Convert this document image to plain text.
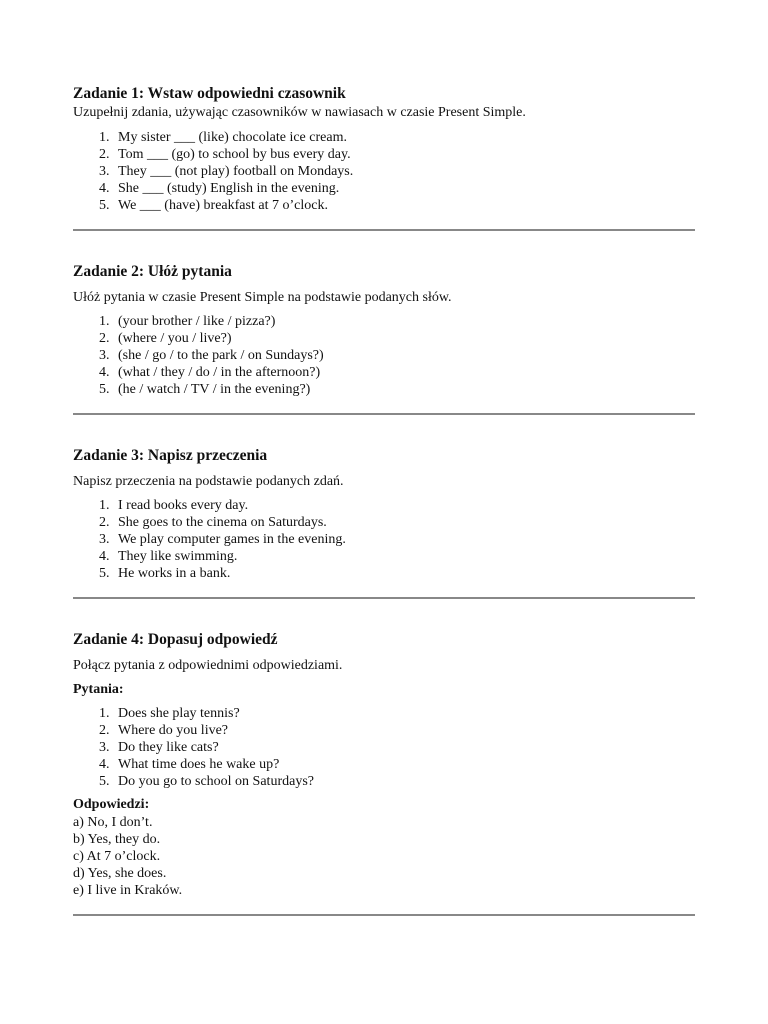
Zadanie 1: Wstaw odpowiedni czasownik

Uzupełnij zdania, używając czasowników w nawiasach w czasie Present Simple.

1. My sister ___ (like) chocolate ice cream.
2. Tom ___ (go) to school by bus every day.
3. They ___ (not play) football on Mondays.
4. She ___ (study) English in the evening.
5. We ___ (have) breakfast at 7 o’clock.
Zadanie 2: Ułóż pytania

Ułóż pytania w czasie Present Simple na podstawie podanych słów.

1. (your brother / like / pizza?)
2. (where / you / live?)
3. (she / go / to the park / on Sundays?)
4. (what / they / do / in the afternoon?)
5. (he / watch / TV / in the evening?)
Zadanie 3: Napisz przeczenia

Napisz przeczenia na podstawie podanych zdań.

1. I read books every day.
2. She goes to the cinema on Saturdays.
3. We play computer games in the evening.
4. They like swimming.
5. He works in a bank.
Zadanie 4: Dopasuj odpowiedź

Połącz pytania z odpowiednimi odpowiedziami.

Pytania:

1. Does she play tennis?
2. Where do you live?
3. Do they like cats?
4. What time does he wake up?
5. Do you go to school on Saturdays?

Odpowiedzi:

a) No, I don’t.
b) Yes, they do.
c) At 7 o’clock.
d) Yes, she does.
e) I live in Kraków.
